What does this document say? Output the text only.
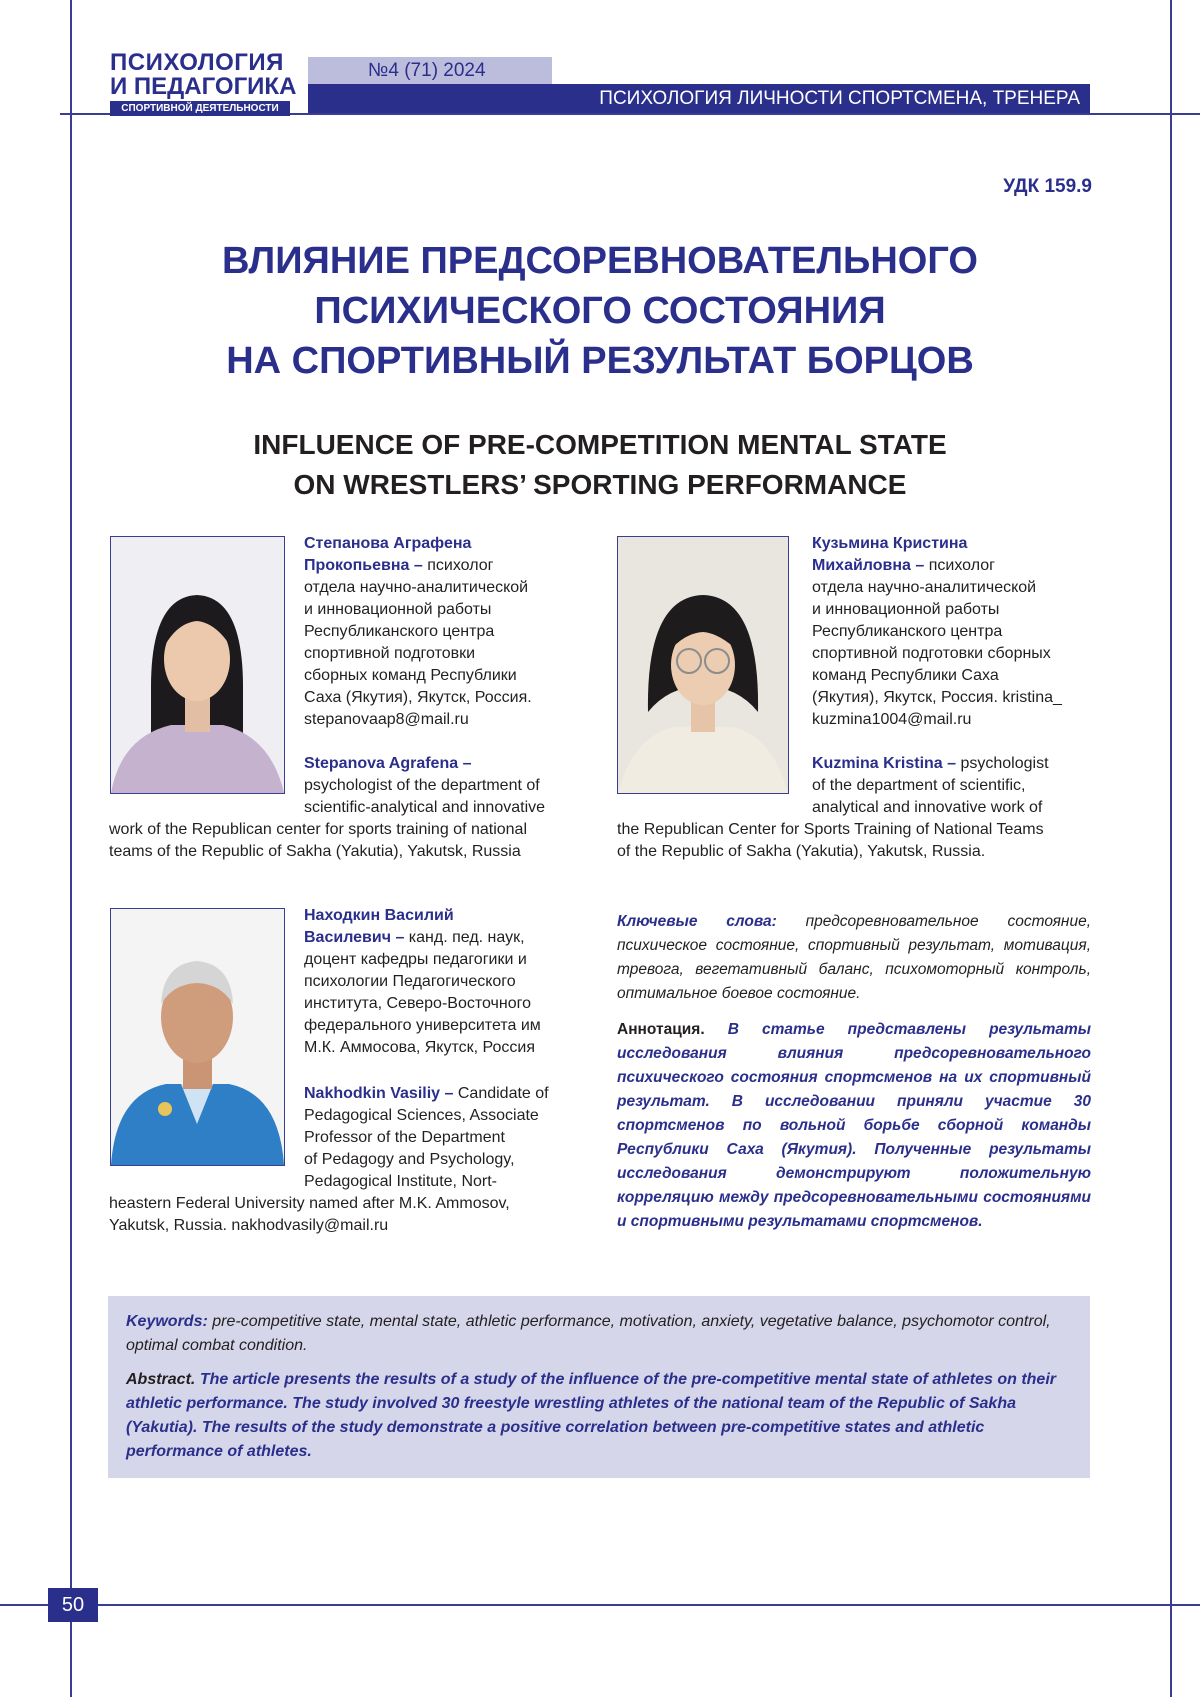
ПСИХОЛОГИЯ
И ПЕДАГОГИКА
СПОРТИВНОЙ ДЕЯТЕЛЬНОСТИ
№4 (71) 2024
ПСИХОЛОГИЯ ЛИЧНОСТИ СПОРТСМЕНА, ТРЕНЕРА
УДК 159.9
ВЛИЯНИЕ ПРЕДСОРЕВНОВАТЕЛЬНОГО
ПСИХИЧЕСКОГО СОСТОЯНИЯ
НА СПОРТИВНЫЙ РЕЗУЛЬТАТ БОРЦОВ
INFLUENCE OF PRE-COMPETITION MENTAL STATE
ON WRESTLERS’ SPORTING PERFORMANCE

Степанова Аграфена

Прокопьевна – психолог

отдела научно-аналитической

и инновационной работы

Республиканского центра

спортивной подготовки

сборных команд Республики

Саха (Якутия), Якутск, Россия.

stepanovaap8@mail.ru

Stepanova Agrafena –

psychologist of the department of

scientific-analytical and innovative

work of the Republican center for sports training of national

teams of the Republic of Sakha (Yakutia), Yakutsk, Russia

Кузьмина Кристина

Михайловна – психолог

отдела научно-аналитической

и инновационной работы

Республиканского центра

спортивной подготовки сборных

команд Республики Саха

(Якутия), Якутск, Россия. kristina_

kuzmina1004@mail.ru

Kuzmina Kristina – psychologist

of the department of scientific,

analytical and innovative work of

the Republican Center for Sports Training of National Teams

of the Republic of Sakha (Yakutia), Yakutsk, Russia.

Находкин Василий

Василевич – канд. пед. наук,

доцент кафедры педагогики и

психологии Педагогического

института, Северо-Восточного

федерального университета им

М.К. Аммосова, Якутск, Россия

Nakhodkin Vasiliy – Candidate of

Pedagogical Sciences, Associate

Professor of the Department

of Pedagogy and Psychology,

Pedagogical Institute, Nort-

heastern Federal University named after M.K. Ammosov,

Yakutsk, Russia. nakhodvasily@mail.ru

Ключевые слова: предсоревновательное состояние, психическое состояние, спортивный результат, мотивация, тревога, вегетативный баланс, психомоторный контроль, оптимальное боевое состояние.
Аннотация. В статье представлены результаты исследования влияния предсоревновательного психического состояния спортсменов на их спортивный результат. В исследовании приняли участие 30 спортсменов по вольной борьбе сборной команды Республики Саха (Якутия). Полученные результаты исследования демонстрируют положительную корреляцию между предсоревновательными состояниями и спортивными результатами спортсменов.

Keywords: pre-competitive state, mental state, athletic performance, motivation, anxiety, vegetative balance, psychomotor control, optimal combat condition.

Abstract. The article presents the results of a study of the influence of the pre-competitive mental state of athletes on their athletic performance. The study involved 30 freestyle wrestling athletes of the national team of the Republic of Sakha (Yakutia). The results of the study demonstrate a positive correlation between pre-competitive states and athletic performance of athletes.

50
